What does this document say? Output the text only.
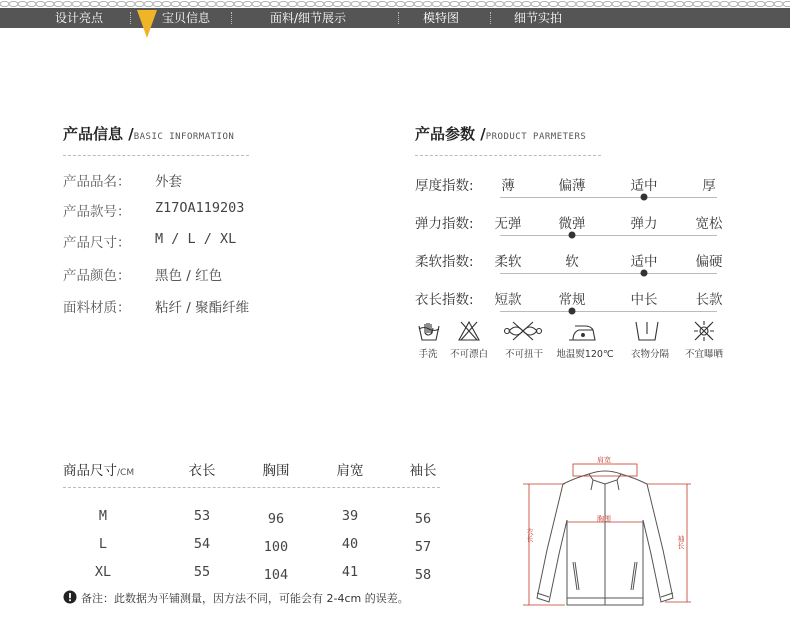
设计亮点	宝贝信息	面料/细节展示	模特图	细节实拍
产品信息 /BASIC INFORMATION
产品品名： 外套
产品款号： Z17OA119203
产品尺寸： M / L / XL
产品颜色： 黑色 / 红色
面料材质： 粘纤 / 聚酯纤维
产品参数 /PRODUCT PARMETERS
厚度指数: 薄	偏薄	适中	厚
弹力指数: 无弹	微弹	弹力	宽松
柔软指数: 柔软	软	适中	偏硬
衣长指数: 短款	常规	中长	长款
手洗 不可漂白 不可扭干 地温熨120℃ 衣物分隔 不宜曝晒
商品尺寸/CM	衣长	胸围	肩宽	袖长
M	53	96	39	56
L	54	100	40	57
XL	55	104	41	58
备注：此数据为平铺测量，因方法不同，可能会有 2-4cm 的误差。
肩宽
胸围
衣长	袖长
